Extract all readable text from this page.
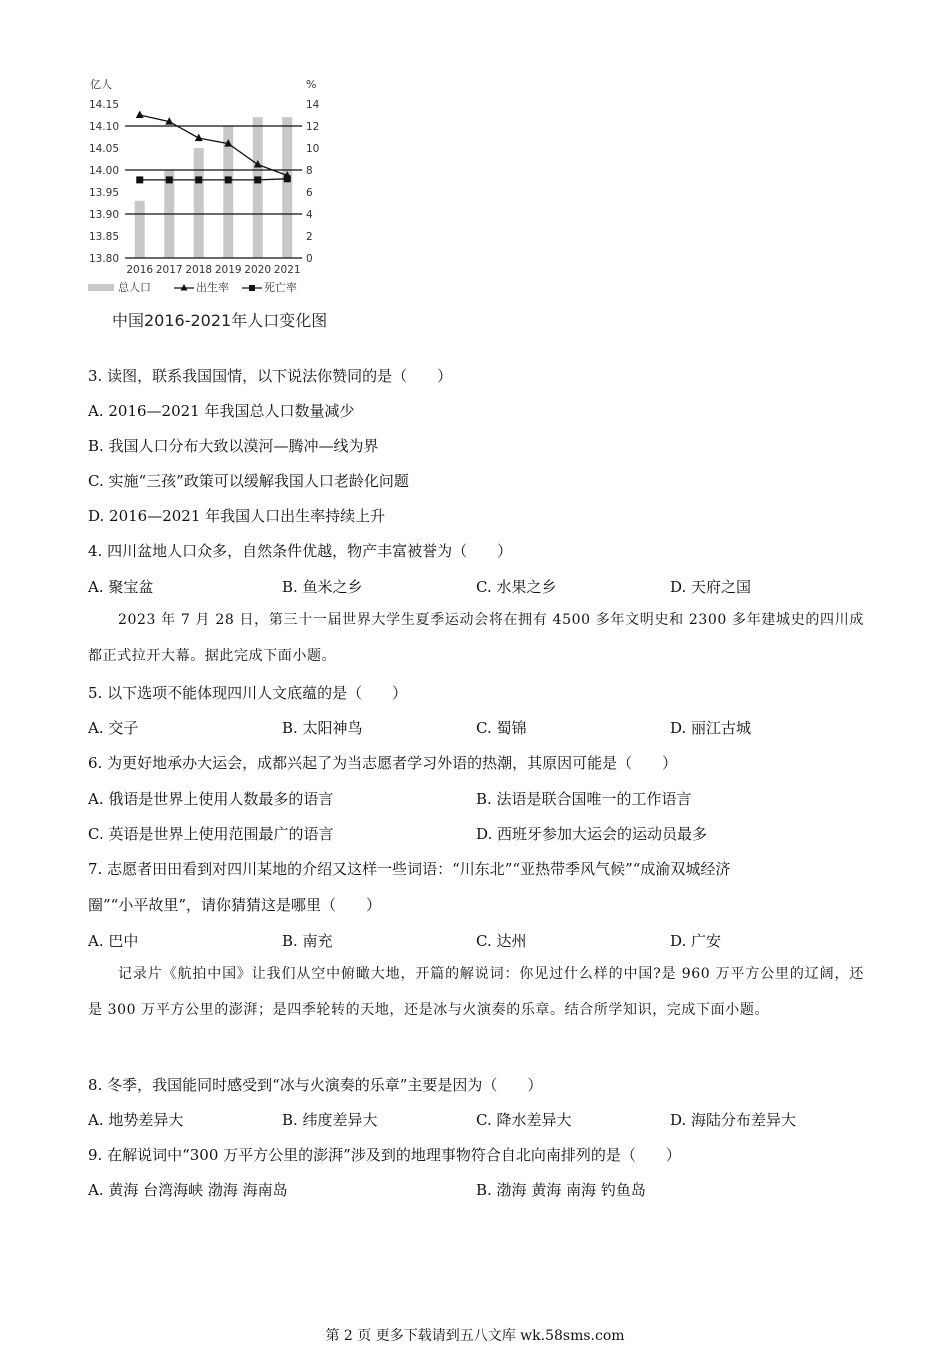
14.15
14.10
14.05
14.00
13.95
13.90
13.85
13.80
14
12
10
8
6
4
2
0
亿人	%
2016 2017 2018 2019 2020 2021
总人口	出生率	死亡率
中国2016-2021年人口变化图
3. 读图，联系我国国情，以下说法你赞同的是（　　）
A. 2016—2021 年我国总人口数量减少
B. 我国人口分布大致以漠河—腾冲—线为界
C. 实施“三孩”政策可以缓解我国人口老龄化问题
D. 2016—2021 年我国人口出生率持续上升
4. 四川盆地人口众多，自然条件优越，物产丰富被誉为（　　）
A. 聚宝盆	B. 鱼米之乡	C. 水果之乡	D. 天府之国
2023 年 7 月 28 日，第三十一届世界大学生夏季运动会将在拥有 4500 多年文明史和 2300 多年建城史的四川成都正式拉开大幕。据此完成下面小题。
5. 以下选项不能体现四川人文底蕴的是（　　）
A. 交子	B. 太阳神鸟	C. 蜀锦	D. 丽江古城
6. 为更好地承办大运会，成都兴起了为当志愿者学习外语的热潮，其原因可能是（　　）
A. 俄语是世界上使用人数最多的语言	B. 法语是联合国唯一的工作语言
C. 英语是世界上使用范围最广的语言	D. 西班牙参加大运会的运动员最多
7. 志愿者田田看到对四川某地的介绍又这样一些词语：“川东北”“亚热带季风气候”“成渝双城经济
圈”“小平故里”，请你猜猜这是哪里（　　）
A. 巴中	B. 南充	C. 达州	D. 广安
记录片《航拍中国》让我们从空中俯瞰大地，开篇的解说词：你见过什么样的中国?是 960 万平方公里的辽阔，还是 300 万平方公里的澎湃；是四季轮转的天地，还是冰与火演奏的乐章。结合所学知识，完成下面小题。
8. 冬季，我国能同时感受到“冰与火演奏的乐章”主要是因为（　　）
A. 地势差异大	B. 纬度差异大	C. 降水差异大	D. 海陆分布差异大
9. 在解说词中“300 万平方公里的澎湃”涉及到的地理事物符合自北向南排列的是（　　）
A. 黄海 台湾海峡 渤海 海南岛	B. 渤海 黄海 南海 钓鱼岛
第 2 页 更多下载请到五八文库 wk.58sms.com
